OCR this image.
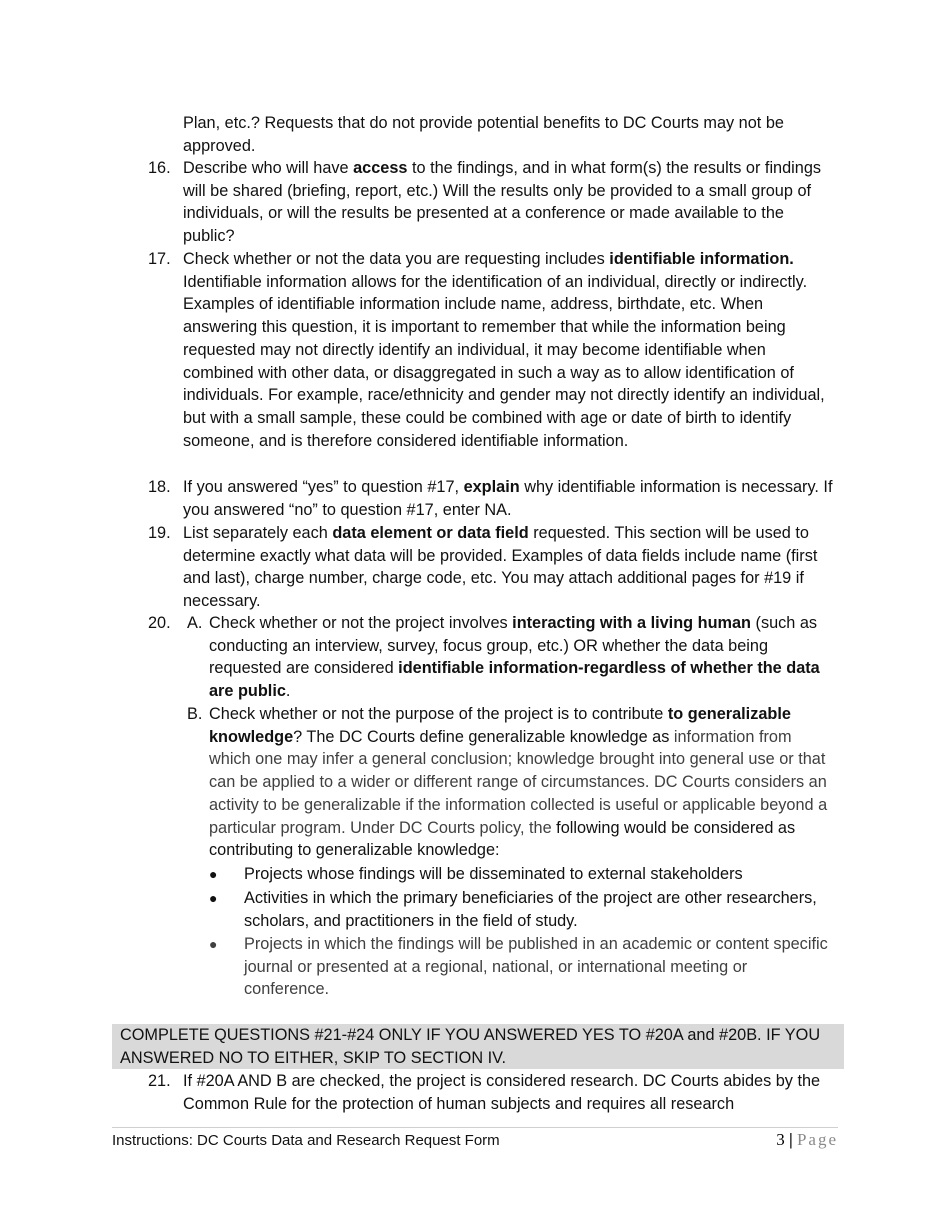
Plan, etc.? Requests that do not provide potential benefits to DC Courts may not be
approved.
16. Describe who will have access to the findings, and in what form(s) the results or findings will be shared (briefing, report, etc.) Will the results only be provided to a small group of individuals, or will the results be presented at a conference or made available to the public?
17. Check whether or not the data you are requesting includes identifiable information. Identifiable information allows for the identification of an individual, directly or indirectly. Examples of identifiable information include name, address, birthdate, etc. When answering this question, it is important to remember that while the information being requested may not directly identify an individual, it may become identifiable when combined with other data, or disaggregated in such a way as to allow identification of individuals. For example, race/ethnicity and gender may not directly identify an individual, but with a small sample, these could be combined with age or date of birth to identify someone, and is therefore considered identifiable information.
18. If you answered “yes” to question #17, explain why identifiable information is necessary. If you answered “no” to question #17, enter NA.
19. List separately each data element or data field requested. This section will be used to determine exactly what data will be provided. Examples of data fields include name (first and last), charge number, charge code, etc. You may attach additional pages for #19 if necessary.
20. A. Check whether or not the project involves interacting with a living human (such as conducting an interview, survey, focus group, etc.) OR whether the data being requested are considered identifiable information-regardless of whether the data are public.
B. Check whether or not the purpose of the project is to contribute to generalizable knowledge? The DC Courts define generalizable knowledge as information from which one may infer a general conclusion; knowledge brought into general use or that can be applied to a wider or different range of circumstances. DC Courts considers an activity to be generalizable if the information collected is useful or applicable beyond a particular program. Under DC Courts policy, the following would be considered as contributing to generalizable knowledge:
● Projects whose findings will be disseminated to external stakeholders
● Activities in which the primary beneficiaries of the project are other researchers, scholars, and practitioners in the field of study.
● Projects in which the findings will be published in an academic or content specific journal or presented at a regional, national, or international meeting or conference.
COMPLETE QUESTIONS #21-#24 ONLY IF YOU ANSWERED YES TO #20A and #20B. IF YOU ANSWERED NO TO EITHER, SKIP TO SECTION IV.
21. If #20A AND B are checked, the project is considered research. DC Courts abides by the Common Rule for the protection of human subjects and requires all research
Instructions: DC Courts Data and Research Request Form	3 | Page
